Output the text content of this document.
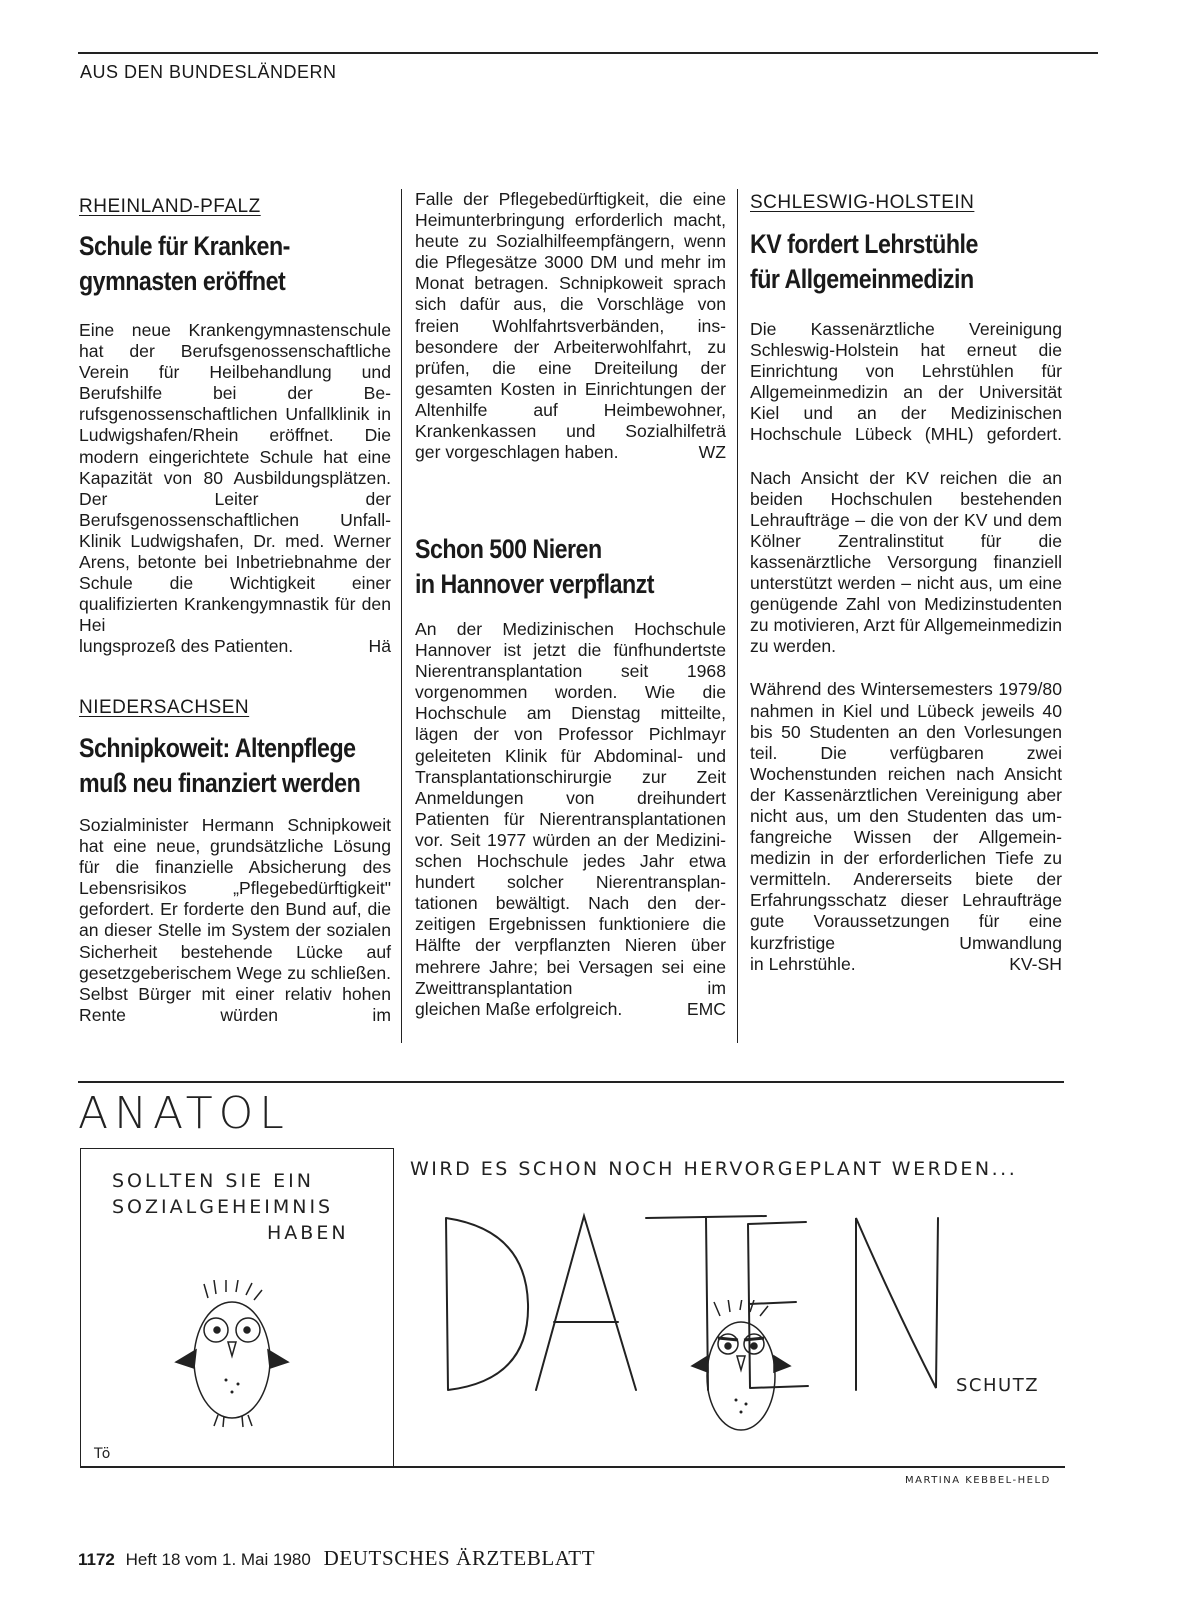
AUS DEN BUNDESLÄNDERN
RHEINLAND-PFALZ
Schule für Kranken-
gymnasten eröffnet
Eine neue Krankengymnastenschule hat der Berufsgenossenschaftliche Verein für Heilbehandlung und Berufshilfe bei der Berufsgenossenschaftlichen Unfallklinik in Ludwigshafen/Rhein eröffnet. Die modern eingerichtete Schule hat eine Kapazität von 80 Ausbildungsplätzen. Der Leiter der Berufsgenossenschaftlichen Unfall-Klinik Ludwigshafen, Dr. med. Werner Arens, betonte bei Inbetriebnahme der Schule die Wichtigkeit einer qualifizierten Krankengymnastik für den Hei
lungsprozeß des Patienten.	Hä
NIEDERSACHSEN
Schnipkoweit: Altenpflege
muß neu finanziert werden
Sozialminister Hermann Schnipkoweit hat eine neue, grundsätzliche Lösung für die finanzielle Absicherung des Lebensrisikos „Pflegebedürftigkeit" gefordert. Er forderte den Bund auf, die an dieser Stelle im System der sozialen Sicherheit bestehende Lücke auf gesetzgeberischem Wege zu schließen. Selbst Bürger mit einer relativ hohen Rente würden im
Falle der Pflegebedürftigkeit, die eine Heimunterbringung erforderlich macht, heute zu Sozialhilfeempfängern, wenn die Pflegesätze 3000 DM und mehr im Monat betragen. Schnipkoweit sprach sich dafür aus, die Vorschläge von freien Wohlfahrtsverbänden, insbesondere der Arbeiterwohlfahrt, zu prüfen, die eine Dreiteilung der gesamten Kosten in Einrichtungen der Altenhilfe auf Heimbewohner, Krankenkassen und Sozialhilfeträ
ger vorgeschlagen haben.	WZ
Schon 500 Nieren
in Hannover verpflanzt
An der Medizinischen Hochschule Hannover ist jetzt die fünfhundertste Nierentransplantation seit 1968 vorgenommen worden. Wie die Hochschule am Dienstag mitteilte, lägen der von Professor Pichlmayr geleiteten Klinik für Abdominal- und Transplantationschirurgie zur Zeit Anmeldungen von dreihundert Patienten für Nierentransplantationen vor. Seit 1977 würden an der Medizinischen Hochschule jedes Jahr etwa hundert solcher Nierentransplantationen bewältigt. Nach den derzeitigen Ergebnissen funktioniere die Hälfte der verpflanzten Nieren über mehrere Jahre; bei Versagen sei eine Zweittransplantation im
gleichen Maße erfolgreich.	EMC
SCHLESWIG-HOLSTEIN
KV fordert Lehrstühle
für Allgemeinmedizin
Die Kassenärztliche Vereinigung Schleswig-Holstein hat erneut die Einrichtung von Lehrstühlen für Allgemeinmedizin an der Universität Kiel und an der Medizinischen Hochschule Lübeck (MHL) gefordert.
Nach Ansicht der KV reichen die an beiden Hochschulen bestehenden Lehraufträge – die von der KV und dem Kölner Zentralinstitut für die kassenärztliche Versorgung finanziell unterstützt werden – nicht aus, um eine genügende Zahl von Medizinstudenten zu motivieren, Arzt für Allgemeinmedizin zu werden.
Während des Wintersemesters 1979/80 nahmen in Kiel und Lübeck jeweils 40 bis 50 Studenten an den Vorlesungen teil. Die verfügbaren zwei Wochenstunden reichen nach Ansicht der Kassenärztlichen Vereinigung aber nicht aus, um den Studenten das umfangreiche Wissen der Allgemeinmedizin in der erforderlichen Tiefe zu vermitteln. Andererseits biete der Erfahrungsschatz dieser Lehraufträge gute Voraussetzungen für eine kurzfristige Umwandlung
in Lehrstühle.	KV-SH
ANATOL
SOLLTEN SIE EIN
SOZIALGEHEIMNIS
HABEN
Tö
WIRD ES SCHON NOCH HERVORGEPLANT WERDEN...
SCHUTZ
MARTINA KEBBEL-HELD
1172 Heft 18 vom 1. Mai 1980 DEUTSCHES ÄRZTEBLATT
